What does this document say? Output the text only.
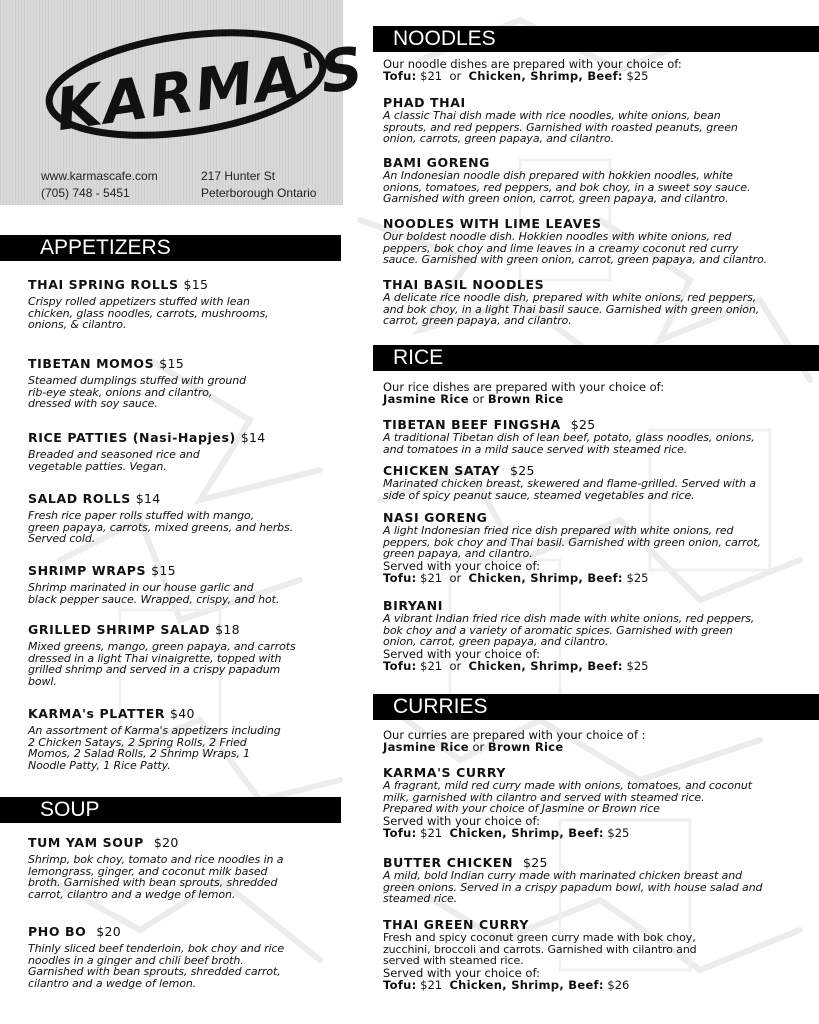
KARMA'S
www.karmascafe.com
(705) 748 - 5451
217 Hunter St
Peterborough Ontario
APPETIZERS
THAI SPRING ROLLS $15
Crispy rolled appetizers stuffed with lean
chicken, glass noodles, carrots, mushrooms,
onions, & cilantro.
TIBETAN MOMOS $15
Steamed dumplings stuffed with ground
rib-eye steak, onions and cilantro,
dressed with soy sauce.
RICE PATTIES (Nasi-Hapjes) $14
Breaded and seasoned rice and
vegetable patties. Vegan.
SALAD ROLLS $14
Fresh rice paper rolls stuffed with mango,
green papaya, carrots, mixed greens, and herbs.
Served cold.
SHRIMP WRAPS $15
Shrimp marinated in our house garlic and
black pepper sauce. Wrapped, crispy, and hot.
GRILLED SHRIMP SALAD $18
Mixed greens, mango, green papaya, and carrots
dressed in a light Thai vinaigrette, topped with
grilled shrimp and served in a crispy papadum
bowl.
KARMA's PLATTER $40
An assortment of Karma's appetizers including
2 Chicken Satays, 2 Spring Rolls, 2 Fried
Momos, 2 Salad Rolls, 2 Shrimp Wraps, 1
Noodle Patty, 1 Rice Patty.
SOUP
TUM YAM SOUP $20
Shrimp, bok choy, tomato and rice noodles in a
lemongrass, ginger, and coconut milk based
broth. Garnished with bean sprouts, shredded
carrot, cilantro and a wedge of lemon.
PHO BO $20
Thinly sliced beef tenderloin, bok choy and rice
noodles in a ginger and chili beef broth.
Garnished with bean sprouts, shredded carrot,
cilantro and a wedge of lemon.
NOODLES
Our noodle dishes are prepared with your choice of:
Tofu: $21 or Chicken, Shrimp, Beef: $25
PHAD THAI
A classic Thai dish made with rice noodles, white onions, bean
sprouts, and red peppers. Garnished with roasted peanuts, green
onion, carrots, green papaya, and cilantro.
BAMI GORENG
An Indonesian noodle dish prepared with hokkien noodles, white
onions, tomatoes, red peppers, and bok choy, in a sweet soy sauce.
Garnished with green onion, carrot, green papaya, and cilantro.
NOODLES WITH LIME LEAVES
Our boldest noodle dish. Hokkien noodles with white onions, red
peppers, bok choy and lime leaves in a creamy coconut red curry
sauce. Garnished with green onion, carrot, green papaya, and cilantro.
THAI BASIL NOODLES
A delicate rice noodle dish, prepared with white onions, red peppers,
and bok choy, in a light Thai basil sauce. Garnished with green onion,
carrot, green papaya, and cilantro.
RICE
Our rice dishes are prepared with your choice of:
Jasmine Rice or Brown Rice
TIBETAN BEEF FINGSHA $25
A traditional Tibetan dish of lean beef, potato, glass noodles, onions,
and tomatoes in a mild sauce served with steamed rice.
CHICKEN SATAY $25
Marinated chicken breast, skewered and flame-grilled. Served with a
side of spicy peanut sauce, steamed vegetables and rice.
NASI GORENG
A light Indonesian fried rice dish prepared with white onions, red
peppers, bok choy and Thai basil. Garnished with green onion, carrot,
green papaya, and cilantro.
Served with your choice of:
Tofu: $21 or Chicken, Shrimp, Beef: $25
BIRYANI
A vibrant Indian fried rice dish made with white onions, red peppers,
bok choy and a variety of aromatic spices. Garnished with green
onion, carrot, green papaya, and cilantro.
Served with your choice of:
Tofu: $21 or Chicken, Shrimp, Beef: $25
CURRIES
Our curries are prepared with your choice of :
Jasmine Rice or Brown Rice
KARMA'S CURRY
A fragrant, mild red curry made with onions, tomatoes, and coconut
milk, garnished with cilantro and served with steamed rice.
Prepared with your choice of Jasmine or Brown rice
Served with your choice of:
Tofu: $21 Chicken, Shrimp, Beef: $25
BUTTER CHICKEN $25
A mild, bold Indian curry made with marinated chicken breast and
green onions. Served in a crispy papadum bowl, with house salad and
steamed rice.
THAI GREEN CURRY
Fresh and spicy coconut green curry made with bok choy,
zucchini, broccoli and carrots. Garnished with cilantro and
served with steamed rice.
Served with your choice of:
Tofu: $21 Chicken, Shrimp, Beef: $26
